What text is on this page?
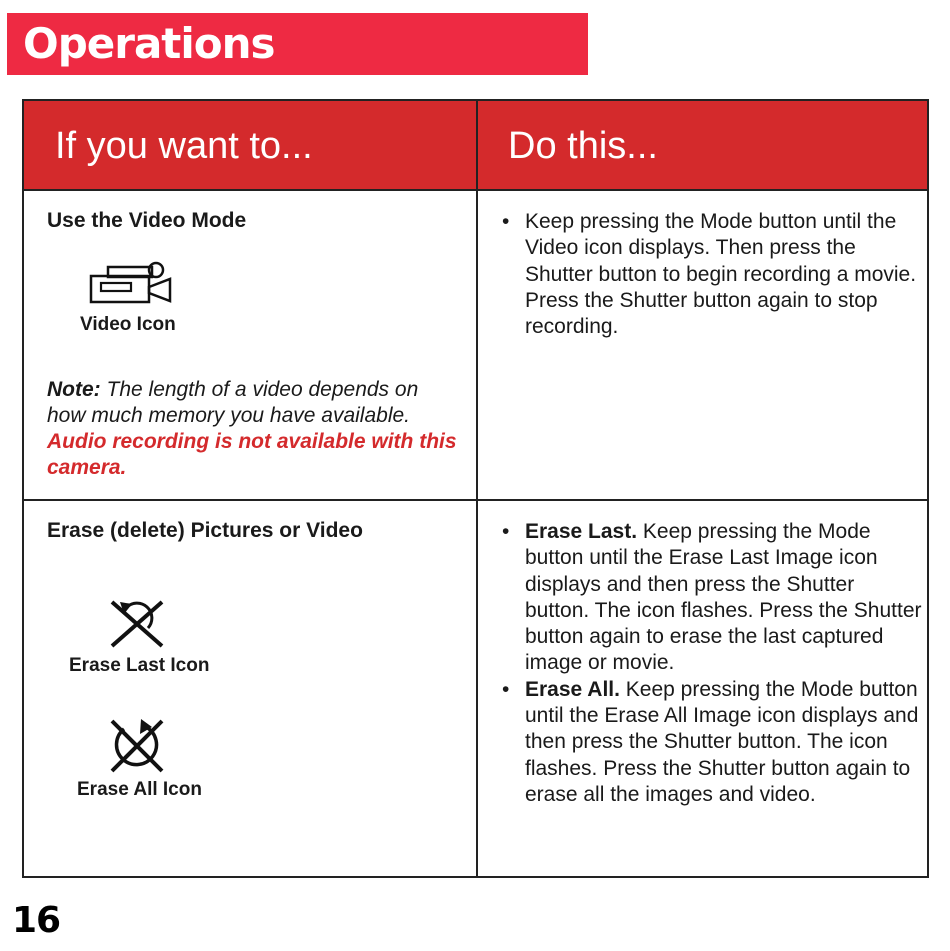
Operations
If you want to...	Do this...
Use the Video Mode
Video Icon
Note: The length of a video depends on how much memory you have available. Audio recording is not available with this camera.
• Keep pressing the Mode button until the Video icon displays. Then press the Shutter button to begin recording a movie. Press the Shutter button again to stop recording.
Erase (delete) Pictures or Video
Erase Last Icon
Erase All Icon
• Erase Last. Keep pressing the Mode button until the Erase Last Image icon displays and then press the Shutter button. The icon flashes. Press the Shutter button again to erase the last captured image or movie.
• Erase All. Keep pressing the Mode button until the Erase All Image icon displays and then press the Shutter button. The icon flashes. Press the Shutter button again to erase all the images and video.
16
